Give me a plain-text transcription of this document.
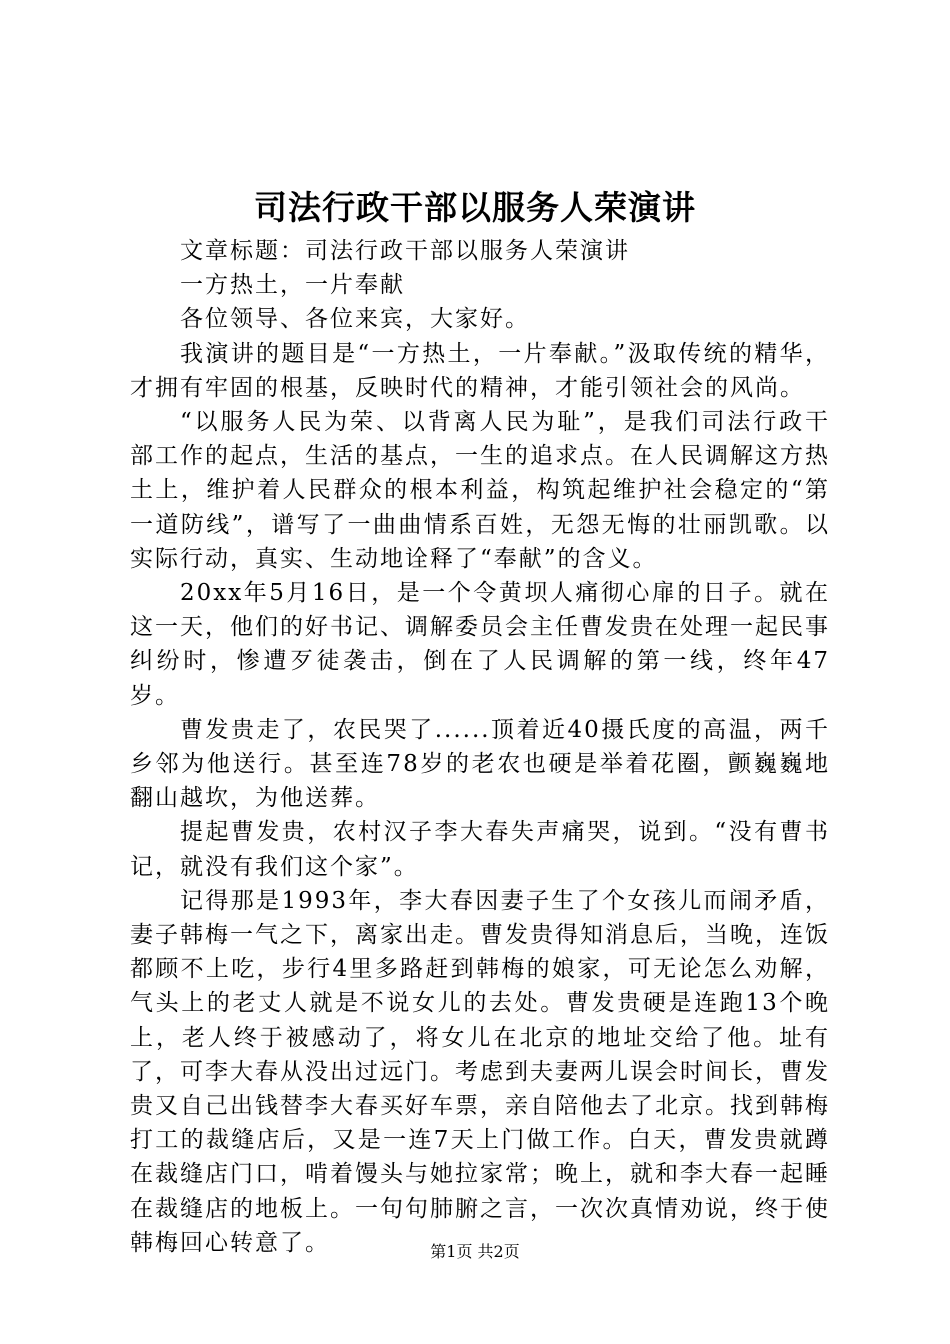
司法行政干部以服务人荣演讲

文章标题：司法行政干部以服务人荣演讲

一方热土，一片奉献

各位领导、各位来宾，大家好。

我演讲的题目是“一方热土，一片奉献。”汲取传统的精华，才拥有牢固的根基，反映时代的精神，才能引领社会的风尚。

“以服务人民为荣、以背离人民为耻”，是我们司法行政干部工作的起点，生活的基点，一生的追求点。在人民调解这方热土上，维护着人民群众的根本利益，构筑起维护社会稳定的“第一道防线”，谱写了一曲曲情系百姓，无怨无悔的壮丽凯歌。以实际行动，真实、生动地诠释了“奉献”的含义。

20xx年5月16日，是一个令黄坝人痛彻心扉的日子。就在这一天，他们的好书记、调解委员会主任曹发贵在处理一起民事纠纷时，惨遭歹徒袭击，倒在了人民调解的第一线，终年47岁。

曹发贵走了，农民哭了......顶着近40摄氏度的高温，两千乡邻为他送行。甚至连78岁的老农也硬是举着花圈，颤巍巍地翻山越坎，为他送葬。

提起曹发贵，农村汉子李大春失声痛哭，说到。“没有曹书记，就没有我们这个家”。

记得那是1993年，李大春因妻子生了个女孩儿而闹矛盾，妻子韩梅一气之下，离家出走。曹发贵得知消息后，当晚，连饭都顾不上吃，步行4里多路赶到韩梅的娘家，可无论怎么劝解，气头上的老丈人就是不说女儿的去处。曹发贵硬是连跑13个晚上，老人终于被感动了，将女儿在北京的地址交给了他。址有了，可李大春从没出过远门。考虑到夫妻两儿误会时间长，曹发贵又自己出钱替李大春买好车票，亲自陪他去了北京。找到韩梅打工的裁缝店后，又是一连7天上门做工作。白天，曹发贵就蹲在裁缝店门口，啃着馒头与她拉家常；晚上，就和李大春一起睡在裁缝店的地板上。一句句肺腑之言，一次次真情劝说，终于使韩梅回心转意了。	第1页 共2页
